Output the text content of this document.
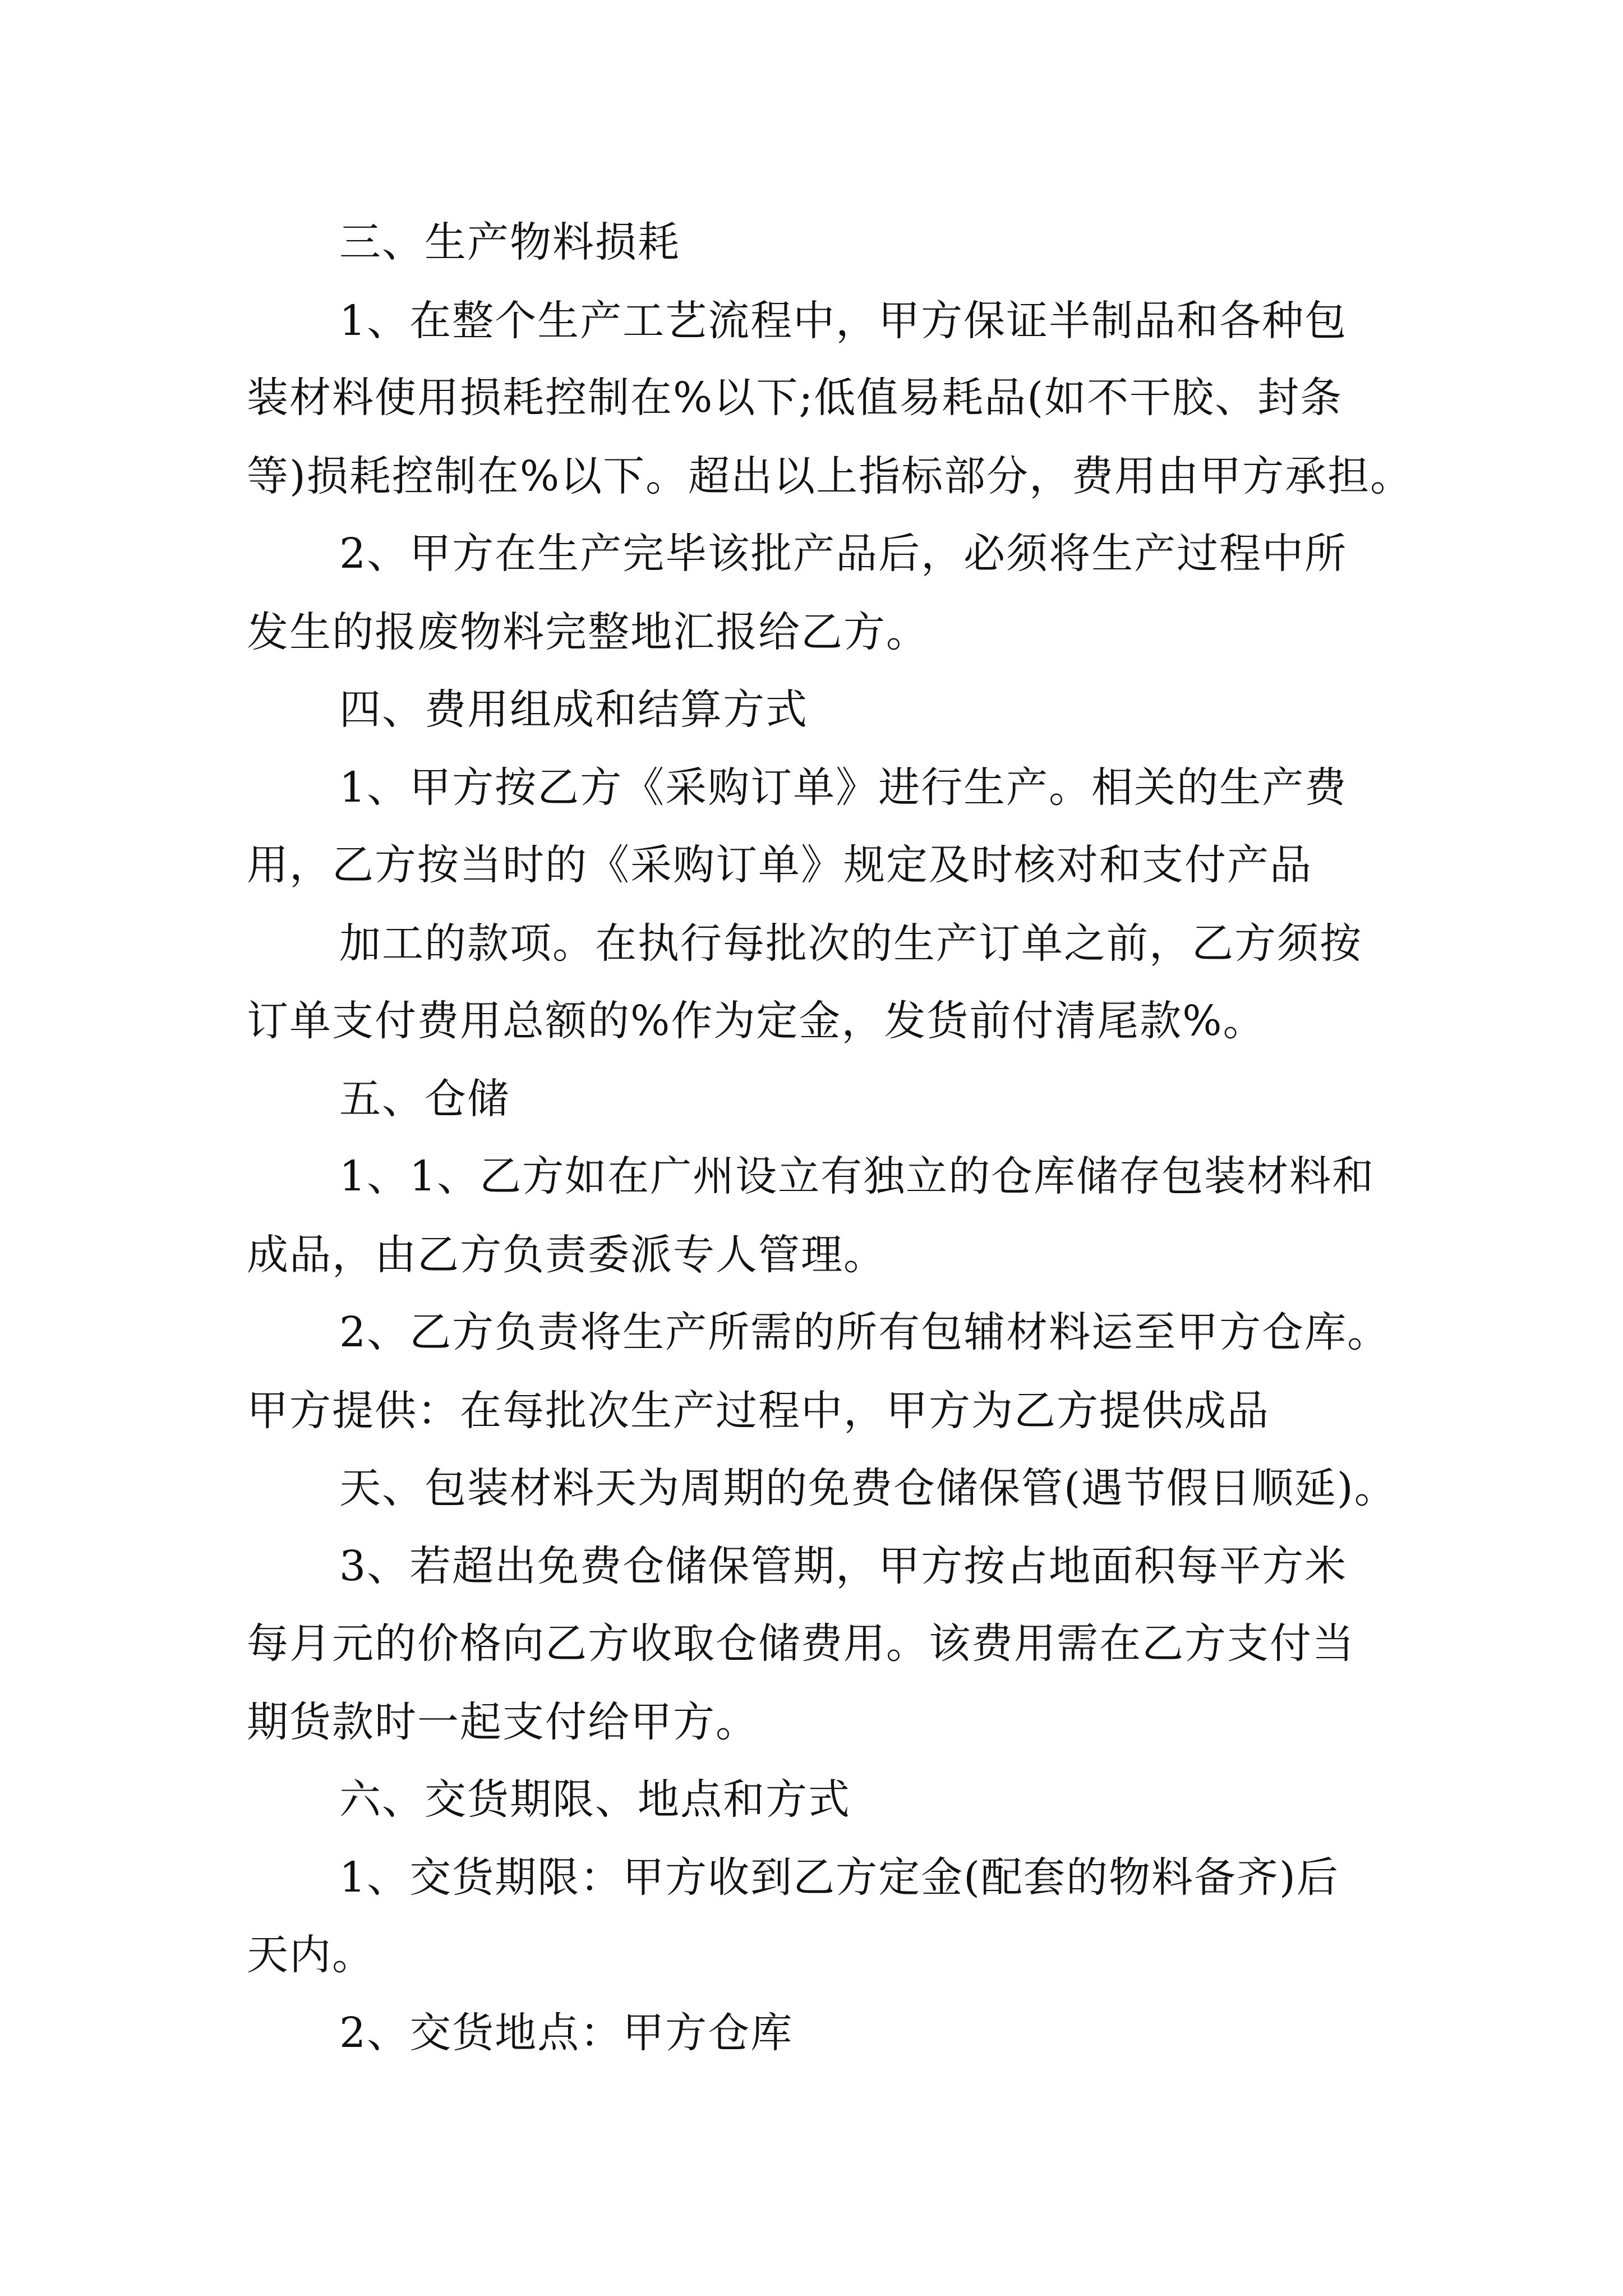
三、生产物料损耗
1、在整个生产工艺流程中，甲方保证半制品和各种包
装材料使用损耗控制在%以下;低值易耗品(如不干胶、封条
等)损耗控制在%以下。超出以上指标部分，费用由甲方承担。
2、甲方在生产完毕该批产品后，必须将生产过程中所
发生的报废物料完整地汇报给乙方。
四、费用组成和结算方式
1、甲方按乙方《采购订单》进行生产。相关的生产费
用，乙方按当时的《采购订单》规定及时核对和支付产品
加工的款项。在执行每批次的生产订单之前，乙方须按
订单支付费用总额的%作为定金，发货前付清尾款%。
五、仓储
1、1、乙方如在广州设立有独立的仓库储存包装材料和
成品，由乙方负责委派专人管理。
2、乙方负责将生产所需的所有包辅材料运至甲方仓库。
甲方提供：在每批次生产过程中，甲方为乙方提供成品
天、包装材料天为周期的免费仓储保管(遇节假日顺延)。
3、若超出免费仓储保管期，甲方按占地面积每平方米
每月元的价格向乙方收取仓储费用。该费用需在乙方支付当
期货款时一起支付给甲方。
六、交货期限、地点和方式
1、交货期限：甲方收到乙方定金(配套的物料备齐)后
天内。
2、交货地点：甲方仓库
